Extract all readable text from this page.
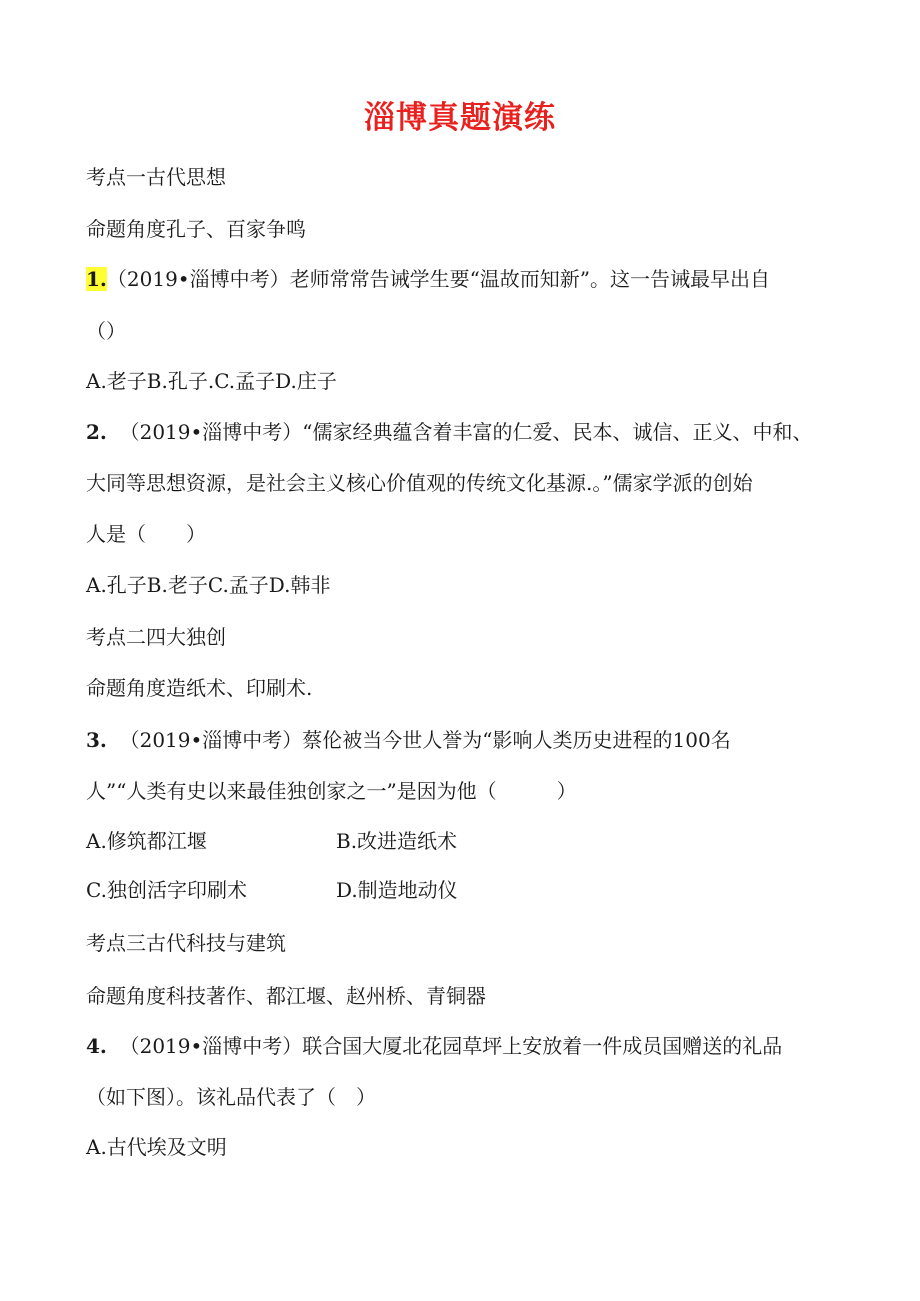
淄博真题演练
考点一古代思想
命题角度孔子、百家争鸣
1.（2019•淄博中考）老师常常告诫学生要“温故而知新”。这一告诫最早出自
（）
A.老子B.孔子.C.孟子D.庄子
2. （2019•淄博中考）“儒家经典蕴含着丰富的仁爱、民本、诚信、正义、中和、
大同等思想资源，是社会主义核心价值观的传统文化基源.。”儒家学派的创始
人是（　　）
A.孔子B.老子C.孟子D.韩非
考点二四大独创
命题角度造纸术、印刷术.
3. （2019•淄博中考）蔡伦被当今世人誉为“影响人类历史进程的100名
人”“人类有史以来最佳独创家之一”是因为他（　　　）
A.修筑都江堰	B.改进造纸术
C.独创活字印刷术	D.制造地动仪
考点三古代科技与建筑
命题角度科技著作、都江堰、赵州桥、青铜器
4. （2019•淄博中考）联合国大厦北花园草坪上安放着一件成员国赠送的礼品
（如下图）。该礼品代表了（　）
A.古代埃及文明
